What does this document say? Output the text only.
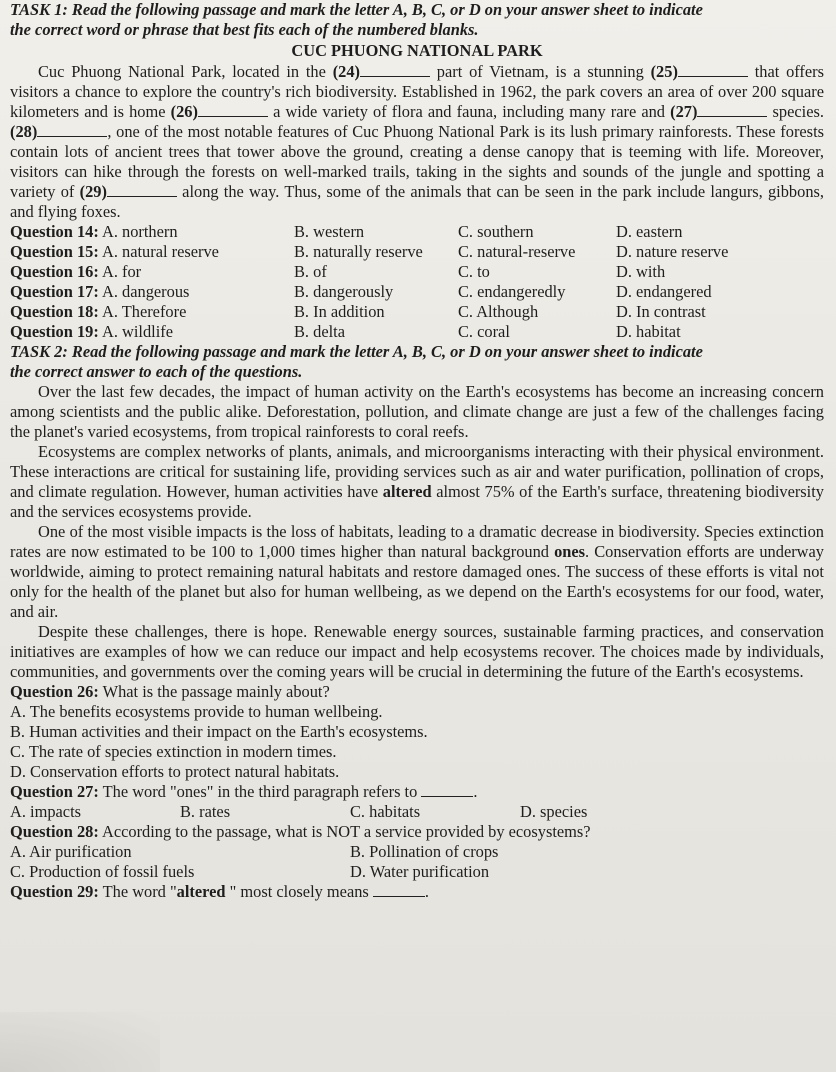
TASK 1: Read the following passage and mark the letter A, B, C, or D on your answer sheet to indicate
the correct word or phrase that best fits each of the numbered blanks.
CUC PHUONG NATIONAL PARK

Cuc Phuong National Park, located in the (24)	part of Vietnam, is a stunning (25)	that offers visitors a chance to explore the country's rich biodiversity. Established in 1962, the park covers an area of over 200 square kilometers and is home (26)	a wide variety of flora and fauna, including many rare and (27)	species. (28)	, one of the most notable features of Cuc Phuong National Park is its lush primary rainforests. These forests contain lots of ancient trees that tower above the ground, creating a dense canopy that is teeming with life. Moreover, visitors can hike through the forests on well-marked trails, taking in the sights and sounds of the jungle and spotting a variety of (29)	along the way. Thus, some of the animals that can be seen in the park include langurs, gibbons, and flying foxes.

Question 14: A. northern	B. western	C. southern	D. eastern
Question 15: A. natural reserve	B. naturally reserve	C. natural-reserve	D. nature reserve
Question 16: A. for	B. of	C. to	D. with
Question 17: A. dangerous	B. dangerously	C. endangeredly	D. endangered
Question 18: A. Therefore	B. In addition	C. Although	D. In contrast
Question 19: A. wildlife	B. delta	C. coral	D. habitat
TASK 2: Read the following passage and mark the letter A, B, C, or D on your answer sheet to indicate
the correct answer to each of the questions.

Over the last few decades, the impact of human activity on the Earth's ecosystems has become an increasing concern among scientists and the public alike. Deforestation, pollution, and climate change are just a few of the challenges facing the planet's varied ecosystems, from tropical rainforests to coral reefs.

Ecosystems are complex networks of plants, animals, and microorganisms interacting with their physical environment. These interactions are critical for sustaining life, providing services such as air and water purification, pollination of crops, and climate regulation. However, human activities have altered almost 75% of the Earth's surface, threatening biodiversity and the services ecosystems provide.

One of the most visible impacts is the loss of habitats, leading to a dramatic decrease in biodiversity. Species extinction rates are now estimated to be 100 to 1,000 times higher than natural background ones. Conservation efforts are underway worldwide, aiming to protect remaining natural habitats and restore damaged ones. The success of these efforts is vital not only for the health of the planet but also for human wellbeing, as we depend on the Earth's ecosystems for our food, water, and air.

Despite these challenges, there is hope. Renewable energy sources, sustainable farming practices, and conservation initiatives are examples of how we can reduce our impact and help ecosystems recover. The choices made by individuals, communities, and governments over the coming years will be crucial in determining the future of the Earth's ecosystems.

Question 26: What is the passage mainly about?
A. The benefits ecosystems provide to human wellbeing.
B. Human activities and their impact on the Earth's ecosystems.
C. The rate of species extinction in modern times.
D. Conservation efforts to protect natural habitats.
Question 27: The word "ones" in the third paragraph refers to	.
A. impacts	B. rates	C. habitats	D. species
Question 28: According to the passage, what is NOT a service provided by ecosystems?
A. Air purification	B. Pollination of crops
C. Production of fossil fuels	D. Water purification
Question 29: The word "altered " most closely means	.
